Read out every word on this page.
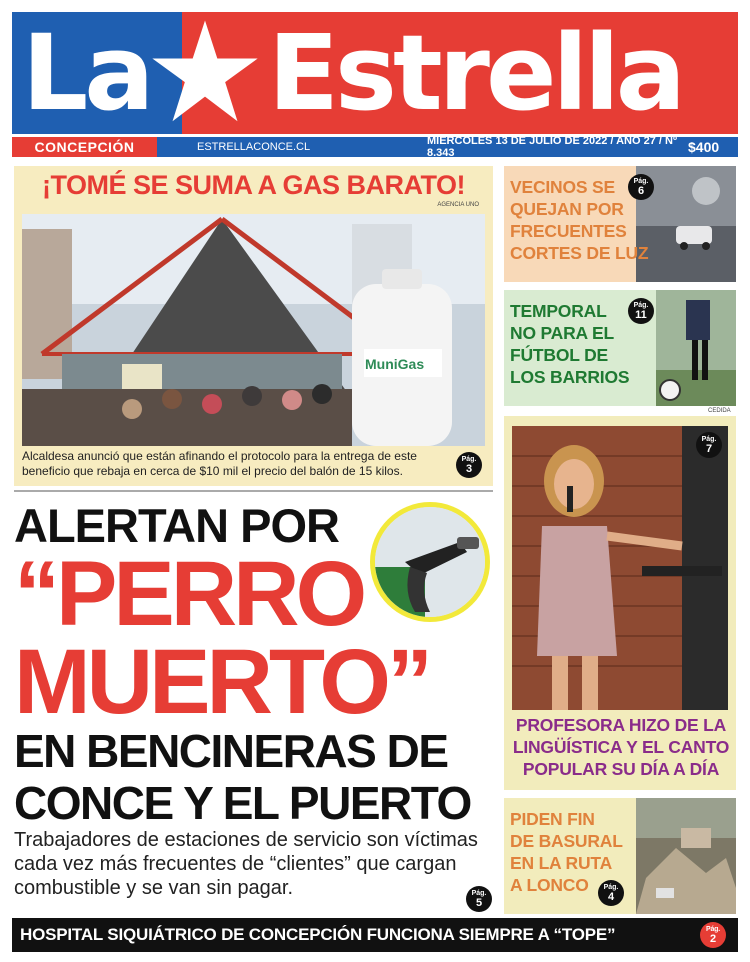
La Estrella
CONCEPCIÓN	ESTRELLACONCE.CL	MIÉRCOLES 13 DE JULIO DE 2022 / AÑO 27 / Nº 8.343	$400
¡TOMÉ SE SUMA A GAS BARATO!
AGENCIA UNO
MuniGas
Alcaldesa anunció que están afinando el protocolo para la entrega de este beneficio que rebaja en cerca de $10 mil el precio del balón de 15 kilos.
Pág.
3
ALERTAN POR
“PERRO
MUERTO”
EN BENCINERAS DE
CONCE Y EL PUERTO
Trabajadores de estaciones de servicio son víctimas cada vez más frecuentes de “clientes” que cargan combustible y se van sin pagar.	Pág.
5
VECINOS SE
QUEJAN POR
FRECUENTES
CORTES DE LUZ
Pág.
6
TEMPORAL
NO PARA EL
FÚTBOL DE
LOS BARRIOS
Pág.
11
CEDIDA
PROFESORA HIZO DE LA
LINGÜÍSTICA Y EL CANTO
POPULAR SU DÍA A DÍA
Pág.
7
PIDEN FIN
DE BASURAL
EN LA RUTA
A LONCO	Pág.
4
HOSPITAL SIQUIÁTRICO DE CONCEPCIÓN FUNCIONA SIEMPRE A “TOPE”	Pág.
2
